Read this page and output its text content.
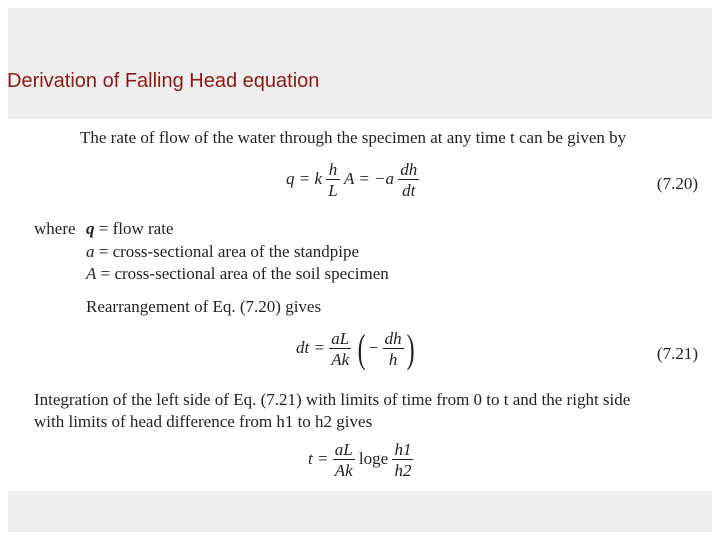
Derivation of Falling Head equation
The rate of flow of the water through the specimen at any time t can be given by
q = k $\frac{h}{L}$ $A = -a \frac{dh}{dt}$	(7.20)
where q = flow rate
a = cross-sectional area of the standpipe
A = cross-sectional area of the soil specimen
Rearrangement of Eq. (7.20) gives
dt = $\frac{aL}{Ak}$ ( − $\frac{dh}{h}$ )	(7.21)
Integration of the left side of Eq. (7.21) with limits of time from 0 to t and the right side
with limits of head difference from h1 to h2 gives
$t = \frac{aL}{Ak}$ loge $\frac{h1}{h2}$
